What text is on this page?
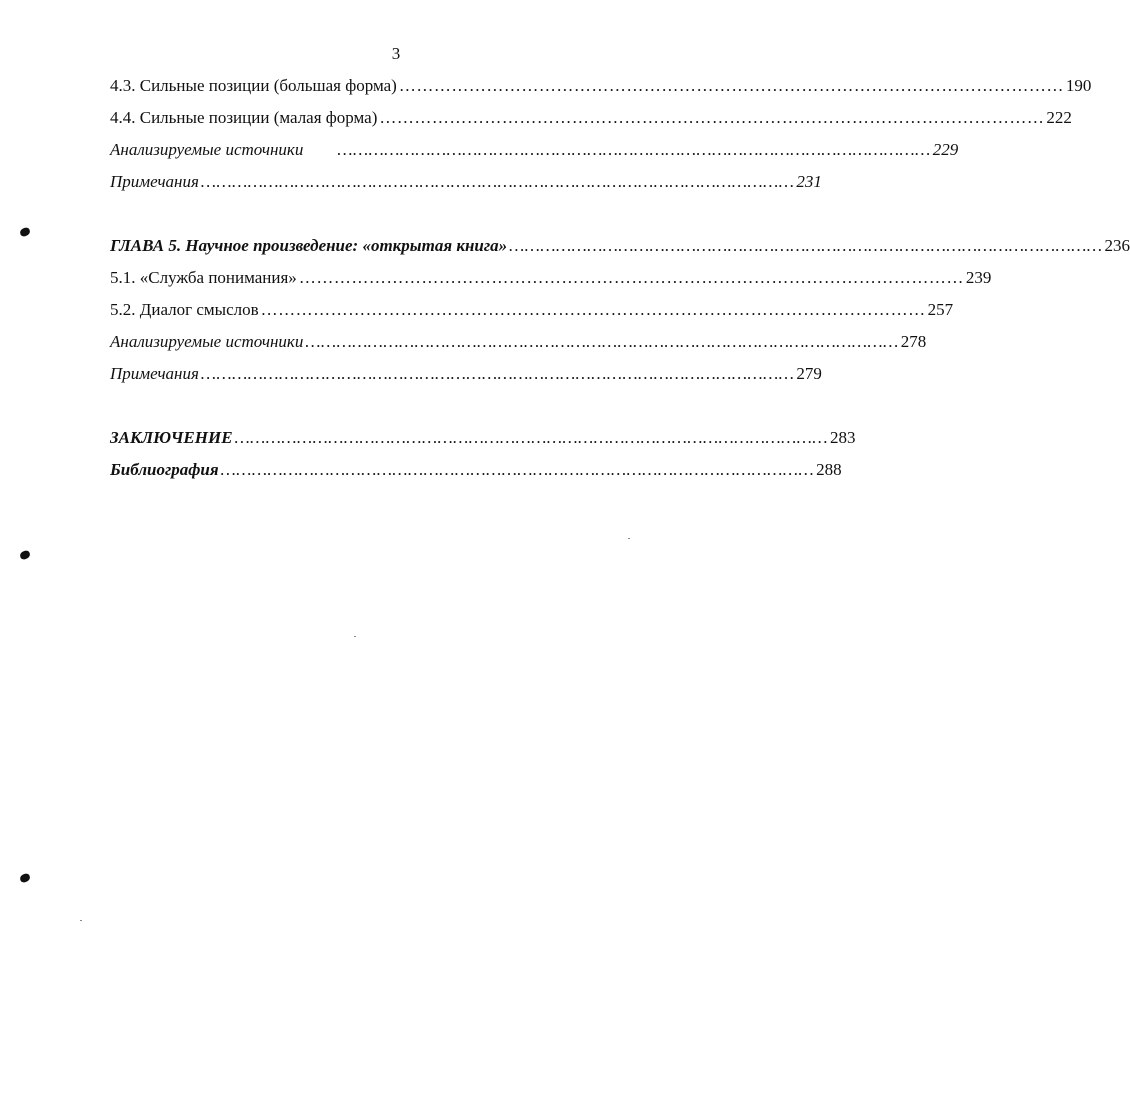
3
4.3. Сильные позиции (большая форма) …………………………………………………………………………………………………… 190
4.4. Сильные позиции (малая форма) …………………………………………………………………………………………………… 222
Анализируемые источники …………………………………………………………………………………………………… 229
Примечания …………………………………………………………………………………………………… 231
ГЛАВА 5. Научное произведение: «открытая книга» …………………………………………………………………………………………………… 236
5.1. «Служба понимания» …………………………………………………………………………………………………… 239
5.2. Диалог смыслов …………………………………………………………………………………………………… 257
Анализируемые источники …………………………………………………………………………………………………… 278
Примечания …………………………………………………………………………………………………… 279
ЗАКЛЮЧЕНИЕ …………………………………………………………………………………………………… 283
Библиография …………………………………………………………………………………………………… 288
